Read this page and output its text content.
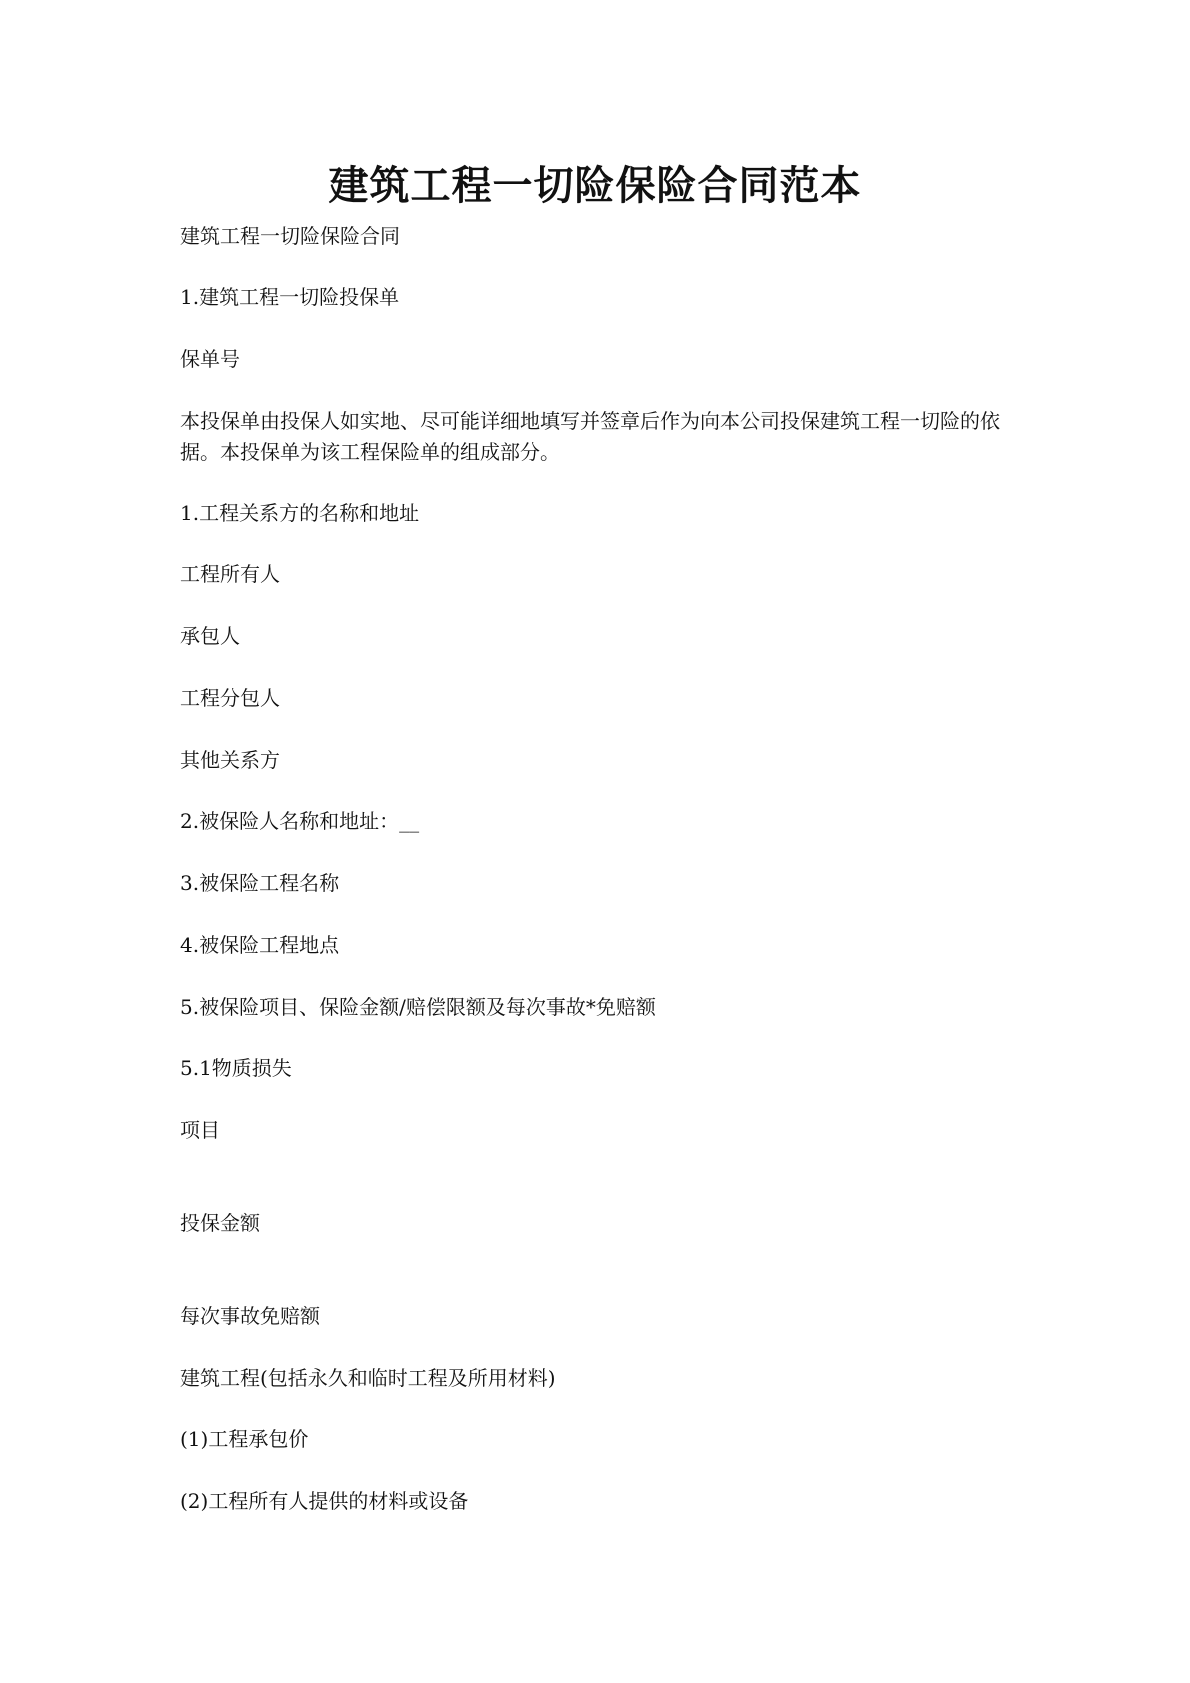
建筑工程一切险保险合同范本
建筑工程一切险保险合同
1.建筑工程一切险投保单
保单号
本投保单由投保人如实地、尽可能详细地填写并签章后作为向本公司投保建筑工程一切险的依据。本投保单为该工程保险单的组成部分。
1.工程关系方的名称和地址
工程所有人
承包人
工程分包人
其他关系方
2.被保险人名称和地址：__
3.被保险工程名称
4.被保险工程地点
5.被保险项目、保险金额/赔偿限额及每次事故*免赔额
5.1物质损失
项目
投保金额
每次事故免赔额
建筑工程(包括永久和临时工程及所用材料)
(1)工程承包价
(2)工程所有人提供的材料或设备
